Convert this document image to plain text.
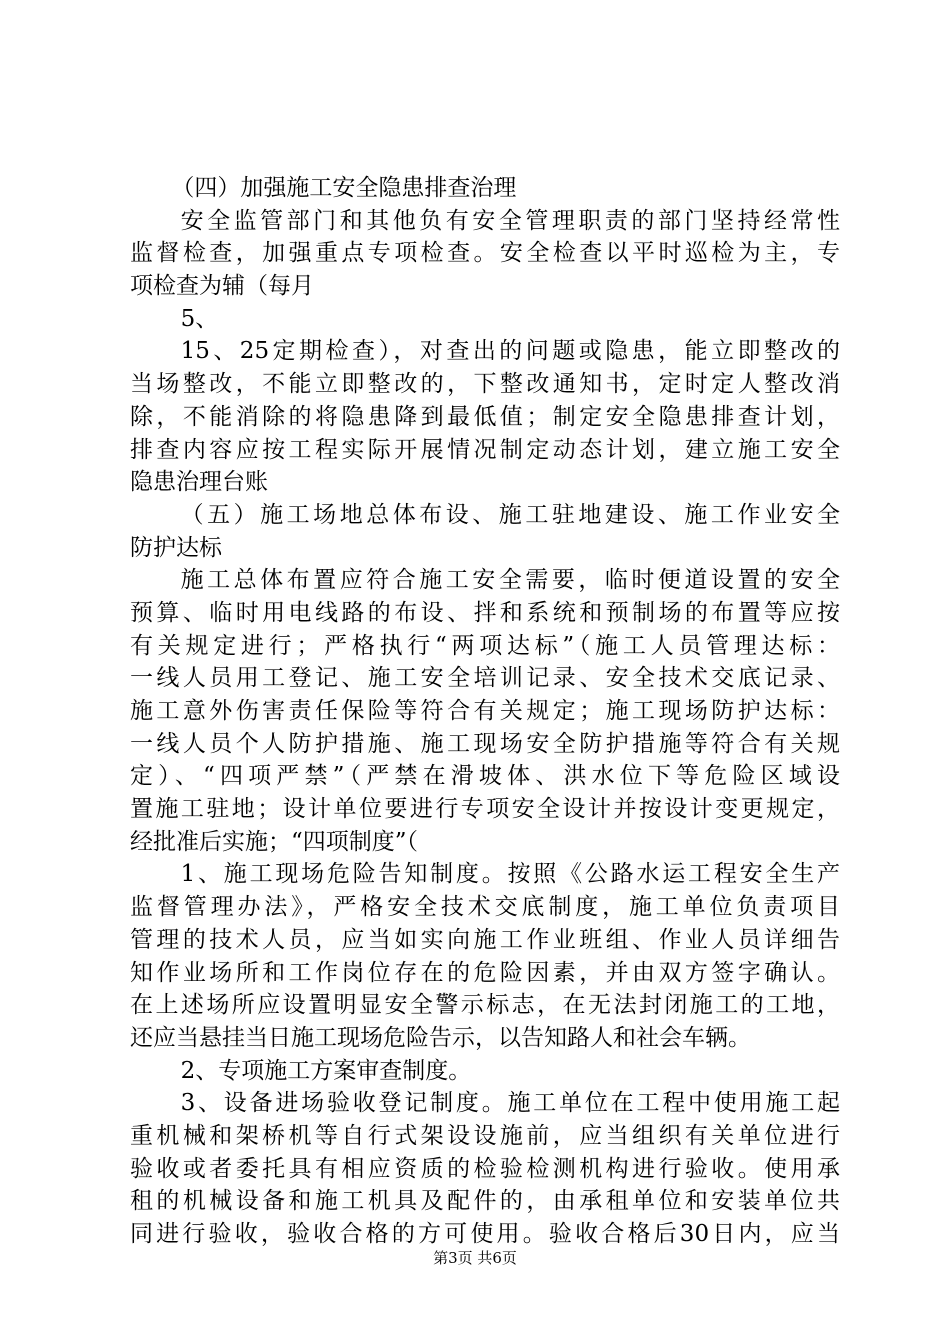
（四）加强施工安全隐患排查治理
安全监管部门和其他负有安全管理职责的部门坚持经常性
监督检查，加强重点专项检查。安全检查以平时巡检为主，专
项检查为辅（每月
5、
15、25定期检查），对查出的问题或隐患，能立即整改的
当场整改，不能立即整改的，下整改通知书，定时定人整改消
除，不能消除的将隐患降到最低值；制定安全隐患排查计划，
排查内容应按工程实际开展情况制定动态计划，建立施工安全
隐患治理台账
（五）施工场地总体布设、施工驻地建设、施工作业安全
防护达标
施工总体布置应符合施工安全需要，临时便道设置的安全
预算、临时用电线路的布设、拌和系统和预制场的布置等应按
有关规定进行；严格执行“两项达标”（施工人员管理达标：
一线人员用工登记、施工安全培训记录、安全技术交底记录、
施工意外伤害责任保险等符合有关规定；施工现场防护达标：
一线人员个人防护措施、施工现场安全防护措施等符合有关规
定）、“四项严禁”（严禁在滑坡体、洪水位下等危险区域设
置施工驻地；设计单位要进行专项安全设计并按设计变更规定，
经批准后实施；“四项制度”（
1、施工现场危险告知制度。按照《公路水运工程安全生产
监督管理办法》，严格安全技术交底制度，施工单位负责项目
管理的技术人员，应当如实向施工作业班组、作业人员详细告
知作业场所和工作岗位存在的危险因素，并由双方签字确认。
在上述场所应设置明显安全警示标志，在无法封闭施工的工地，
还应当悬挂当日施工现场危险告示，以告知路人和社会车辆。
2、专项施工方案审查制度。
3、设备进场验收登记制度。施工单位在工程中使用施工起
重机械和架桥机等自行式架设设施前，应当组织有关单位进行
验收或者委托具有相应资质的检验检测机构进行验收。使用承
租的机械设备和施工机具及配件的，由承租单位和安装单位共
同进行验收，验收合格的方可使用。验收合格后30日内，应当
第3页 共6页
